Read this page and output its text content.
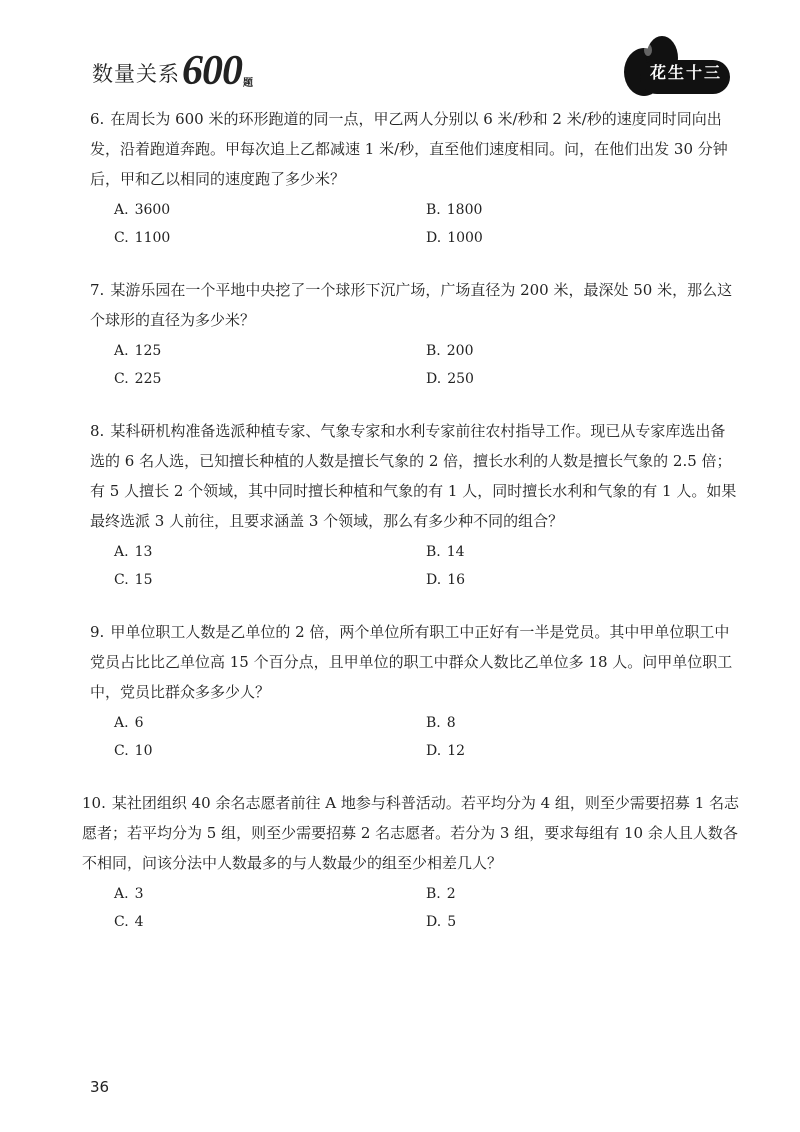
数量关系 600 题
花生十三
6. 在周长为 600 米的环形跑道的同一点，甲乙两人分别以 6 米/秒和 2 米/秒的速度同时同向出发，沿着跑道奔跑。甲每次追上乙都减速 1 米/秒，直至他们速度相同。问，在他们出发 30 分钟后，甲和乙以相同的速度跑了多少米？
A. 3600	B. 1800
C. 1100	D. 1000
7. 某游乐园在一个平地中央挖了一个球形下沉广场，广场直径为 200 米，最深处 50 米，那么这个球形的直径为多少米？
A. 125	B. 200
C. 225	D. 250
8. 某科研机构准备选派种植专家、气象专家和水利专家前往农村指导工作。现已从专家库选出备选的 6 名人选，已知擅长种植的人数是擅长气象的 2 倍，擅长水利的人数是擅长气象的 2.5 倍；有 5 人擅长 2 个领域，其中同时擅长种植和气象的有 1 人，同时擅长水利和气象的有 1 人。如果最终选派 3 人前往，且要求涵盖 3 个领域，那么有多少种不同的组合？
A. 13	B. 14
C. 15	D. 16
9. 甲单位职工人数是乙单位的 2 倍，两个单位所有职工中正好有一半是党员。其中甲单位职工中党员占比比乙单位高 15 个百分点，且甲单位的职工中群众人数比乙单位多 18 人。问甲单位职工中，党员比群众多多少人？
A. 6	B. 8
C. 10	D. 12
10. 某社团组织 40 余名志愿者前往 A 地参与科普活动。若平均分为 4 组，则至少需要招募 1 名志愿者；若平均分为 5 组，则至少需要招募 2 名志愿者。若分为 3 组，要求每组有 10 余人且人数各不相同，问该分法中人数最多的与人数最少的组至少相差几人？
A. 3	B. 2
C. 4	D. 5
36
